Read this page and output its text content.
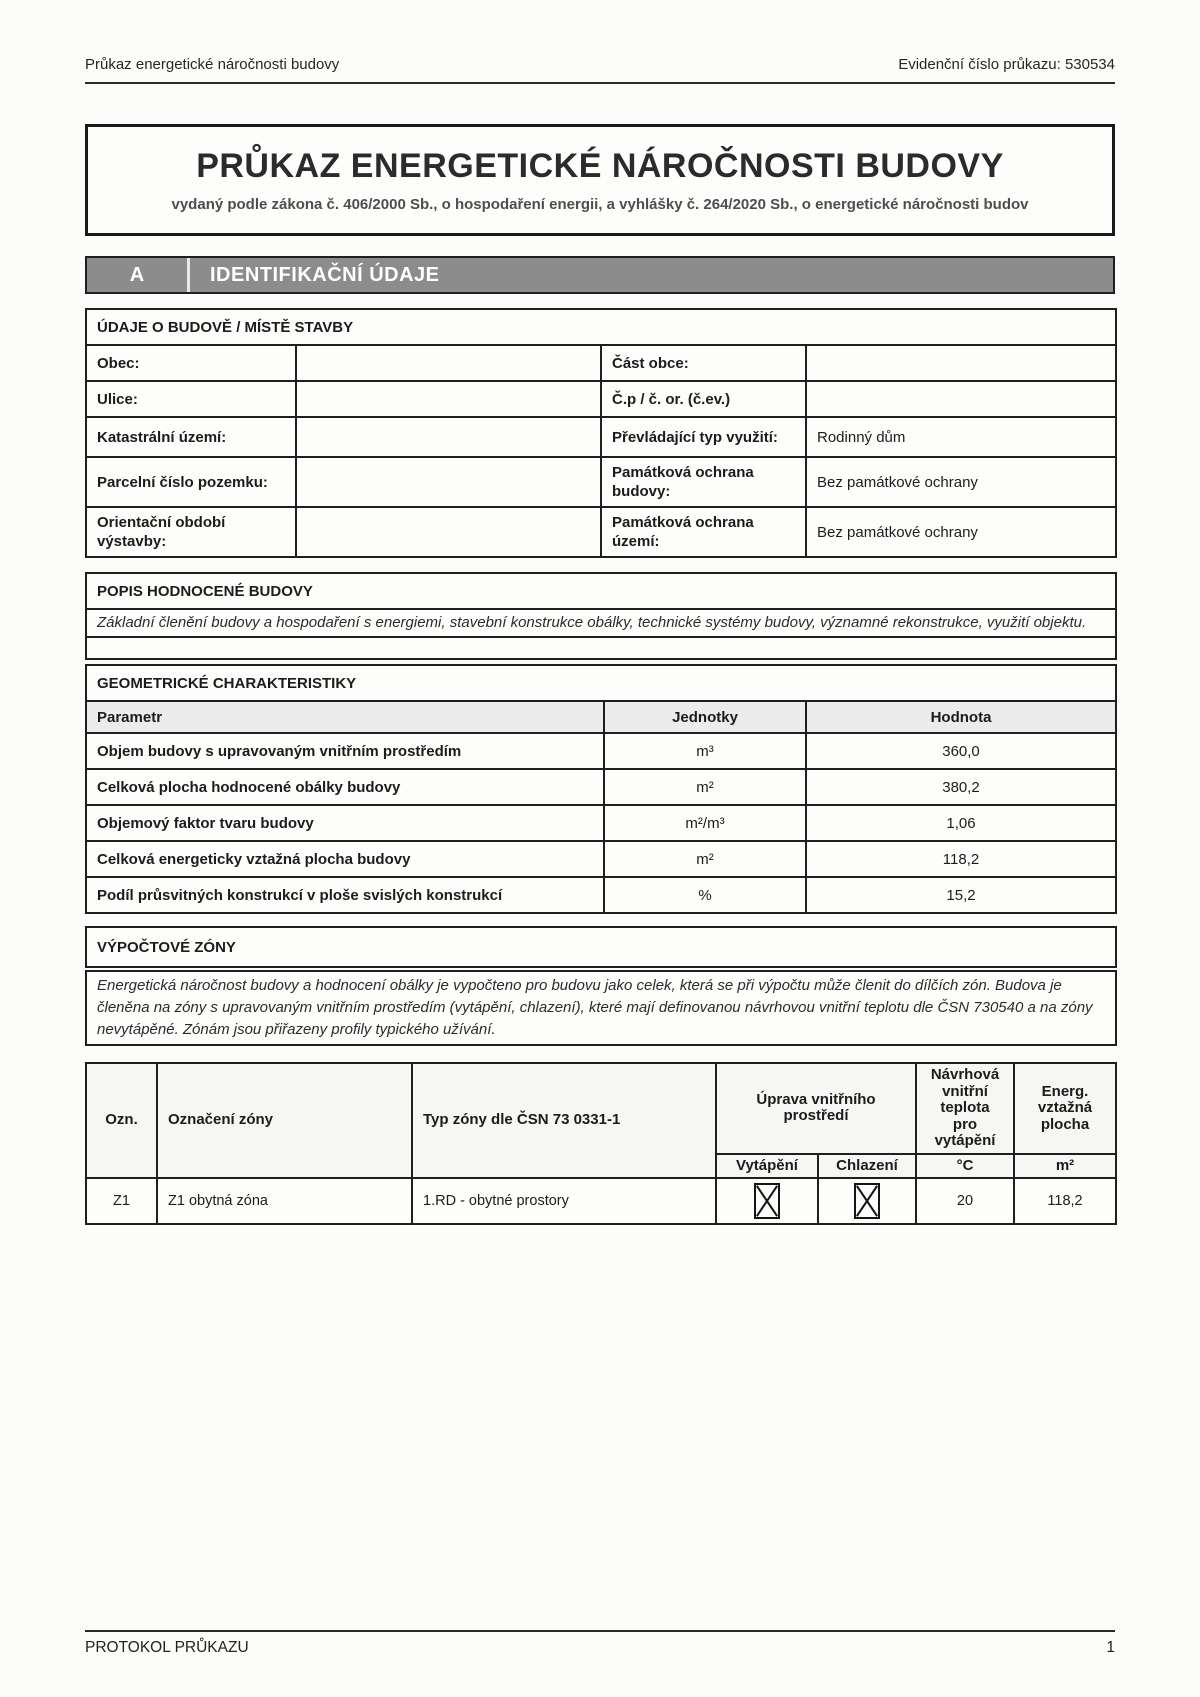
Průkaz energetické náročnosti budovy	Evidenční číslo průkazu: 530534
PRŮKAZ ENERGETICKÉ NÁROČNOSTI BUDOVY
vydaný podle zákona č. 406/2000 Sb., o hospodaření energii, a vyhlášky č. 264/2020 Sb., o energetické náročnosti budov
A	IDENTIFIKAČNÍ ÚDAJE
ÚDAJE O BUDOVĚ / MÍSTĚ STAVBY			
Obec:		Část obce:	
Ulice:		Č.p / č. or. (č.ev.)	
Katastrální území:		Převládající typ využití:	Rodinný dům
Parcelní číslo pozemku:		Památková ochrana budovy:	Bez památkové ochrany
Orientační období výstavby:		Památková ochrana území:	Bez památkové ochrany
POPIS HODNOCENÉ BUDOVY
Základní členění budovy a hospodaření s energiemi, stavební konstrukce obálky, technické systémy budovy, významné rekonstrukce, využití objektu.

GEOMETRICKÉ CHARAKTERISTIKY		
Parametr	Jednotky	Hodnota
Objem budovy s upravovaným vnitřním prostředím	m³	360,0
Celková plocha hodnocené obálky budovy	m²	380,2
Objemový faktor tvaru budovy	m²/m³	1,06
Celková energeticky vztažná plocha budovy	m²	118,2
Podíl průsvitných konstrukcí v ploše svislých konstrukcí	%	15,2
VÝPOČTOVÉ ZÓNY
Energetická náročnost budovy a hodnocení obálky je vypočteno pro budovu jako celek, která se při výpočtu může členit do dílčích zón. Budova je členěna na zóny s upravovaným vnitřním prostředím (vytápění, chlazení), které mají definovanou návrhovou vnitřní teplotu dle ČSN 730540 a na zóny nevytápěné. Zónám jsou přiřazeny profily typického užívání.
Ozn.	Označení zóny	Typ zóny dle ČSN 73 0331-1	Úprava vnitřního prostředí		Návrhová vnitřní teplota pro vytápění	Energ. vztažná plocha
			Vytápění	Chlazení	°C	m²
Z1	Z1 obytná zóna	1.RD - obytné prostory			20	118,2
PROTOKOL PRŮKAZU	1
